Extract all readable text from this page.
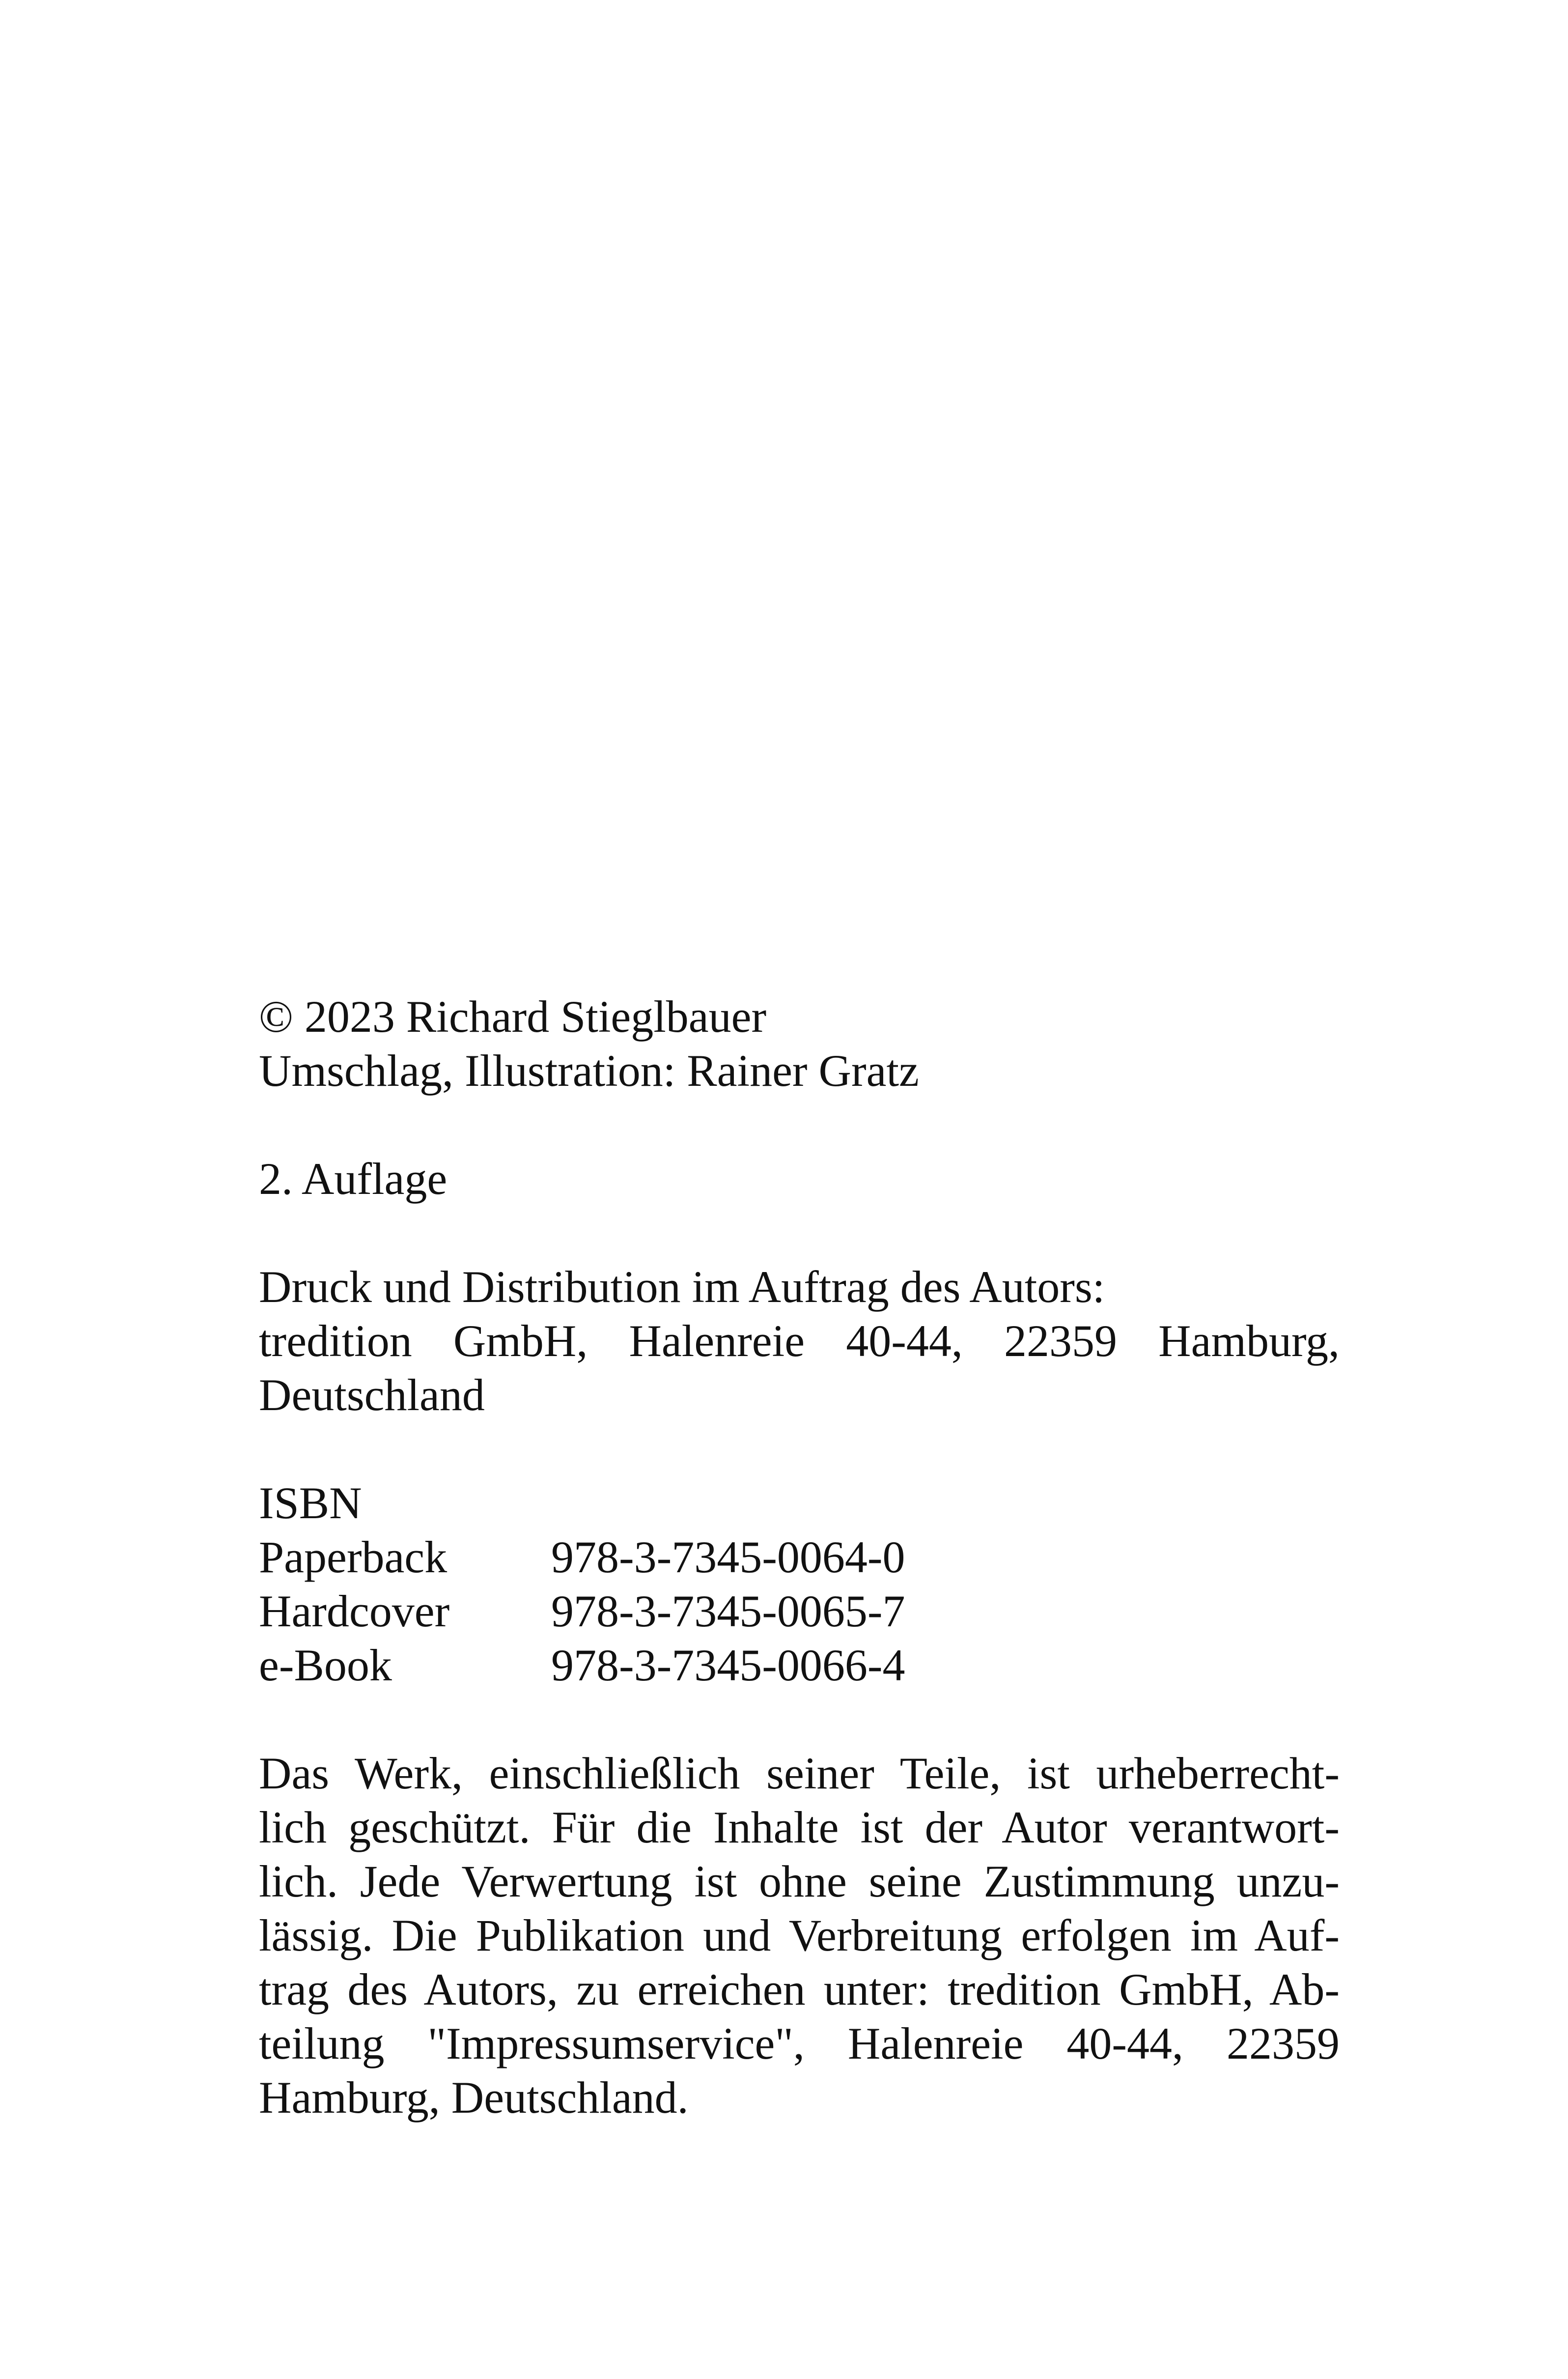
© 2023 Richard Stieglbauer
Umschlag, Illustration: Rainer Gratz
2. Auflage
Druck und Distribution im Auftrag des Autors:
tredition GmbH, Halenreie 40-44, 22359 Hamburg,
Deutschland
ISBN
Paperback	978-3-7345-0064-0
Hardcover	978-3-7345-0065-7
e-Book	978-3-7345-0066-4
Das Werk, einschließlich seiner Teile, ist urheberrecht-
lich geschützt. Für die Inhalte ist der Autor verantwort-
lich. Jede Verwertung ist ohne seine Zustimmung unzu-
lässig. Die Publikation und Verbreitung erfolgen im Auf-
trag des Autors, zu erreichen unter: tredition GmbH, Ab-
teilung "Impressumservice", Halenreie 40-44, 22359
Hamburg, Deutschland.
